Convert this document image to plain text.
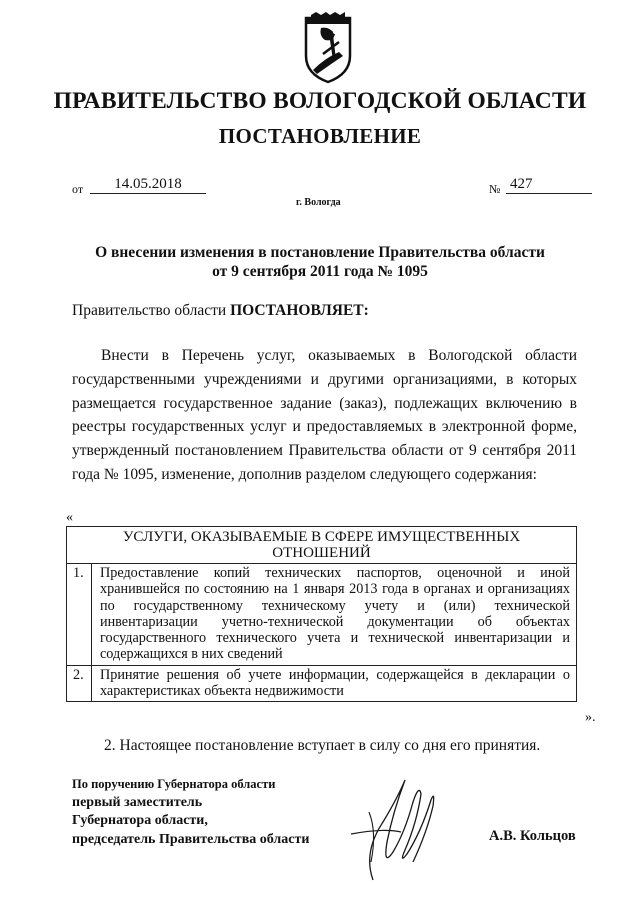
ПРАВИТЕЛЬСТВО ВОЛОГОДСКОЙ ОБЛАСТИ
ПОСТАНОВЛЕНИЕ
от	14.05.2018	№ 427
г. Вологда
О внесении изменения в постановление Правительства области
от 9 сентября 2011 года № 1095
Правительство области ПОСТАНОВЛЯЕТ:
Внести в Перечень услуг, оказываемых в Вологодской области государственными учреждениями и другими организациями, в которых размещается государственное задание (заказ), подлежащих включению в реестры государственных услуг и предоставляемых в электронной форме, утвержденный постановлением Правительства области от 9 сентября 2011 года № 1095, изменение, дополнив разделом следующего содержания:
«
УСЛУГИ, ОКАЗЫВАЕМЫЕ В СФЕРЕ ИМУЩЕСТВЕННЫХ ОТНОШЕНИЙ	
1.	Предоставление копий технических паспортов, оценочной и иной хранившейся по состоянию на 1 января 2013 года в органах и организациях по государственному техническому учету и (или) технической инвентаризации учетно-технической документации об объектах государственного технического учета и технической инвентаризации и содержащихся в них сведений
2.	Принятие решения об учете информации, содержащейся в декларации о характеристиках объекта недвижимости
».
2. Настоящее постановление вступает в силу со дня его принятия.
По поручению Губернатора области
первый заместитель
Губернатора области,
председатель Правительства области	А.В. Кольцов
